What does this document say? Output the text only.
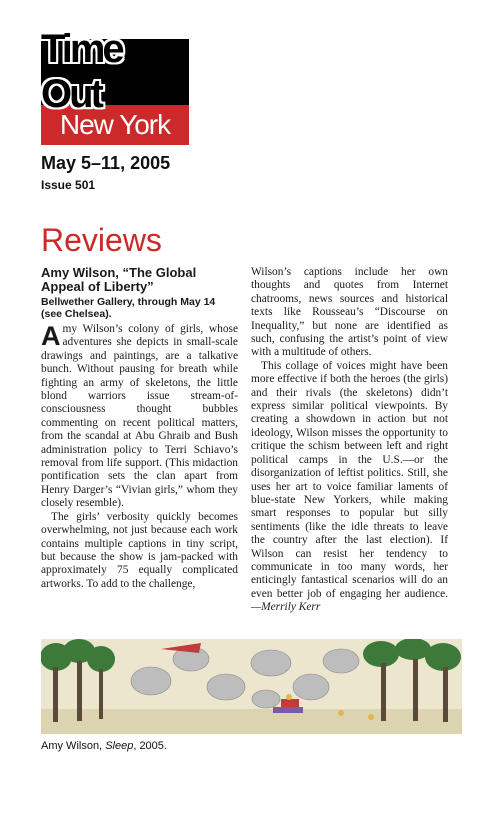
Time Out
New York
May 5–11, 2005
Issue 501
Reviews
Amy Wilson, “The Global Appeal of Liberty”
Bellwether Gallery, through May 14 (see Chelsea).

Amy Wilson’s colony of girls, whose adventures she depicts in small-scale drawings and paintings, are a talkative bunch. Without pausing for breath while fighting an army of skeletons, the little blond warriors issue stream-of-consciousness thought bubbles commenting on recent political matters, from the scandal at Abu Ghraib and Bush administration policy to Terri Schiavo’s removal from life support. (This midaction pontification sets the clan apart from Henry Darger’s “Vivian girls,” whom they closely resemble).

The girls’ verbosity quickly becomes overwhelming, not just because each work contains multiple captions in tiny script, but because the show is jam-packed with approximately 75 equally complicated artworks. To add to the challenge,

Wilson’s captions include her own thoughts and quotes from Internet chatrooms, news sources and historical texts like Rousseau’s “Discourse on Inequality,” but none are identified as such, confusing the artist’s point of view with a multitude of others.

This collage of voices might have been more effective if both the heroes (the girls) and their rivals (the skeletons) didn’t express similar political viewpoints. By creating a showdown in action but not ideology, Wilson misses the opportunity to critique the schism between left and right political camps in the U.S.—or the disorganization of leftist politics. Still, she uses her art to voice familiar laments of blue-state New Yorkers, while making smart responses to popular but silly sentiments (like the idle threats to leave the country after the last election). If Wilson can resist her tendency to communicate in too many words, her enticingly fantastical scenarios will do an even better job of engaging her audience.—Merrily Kerr

Amy Wilson, Sleep, 2005.
